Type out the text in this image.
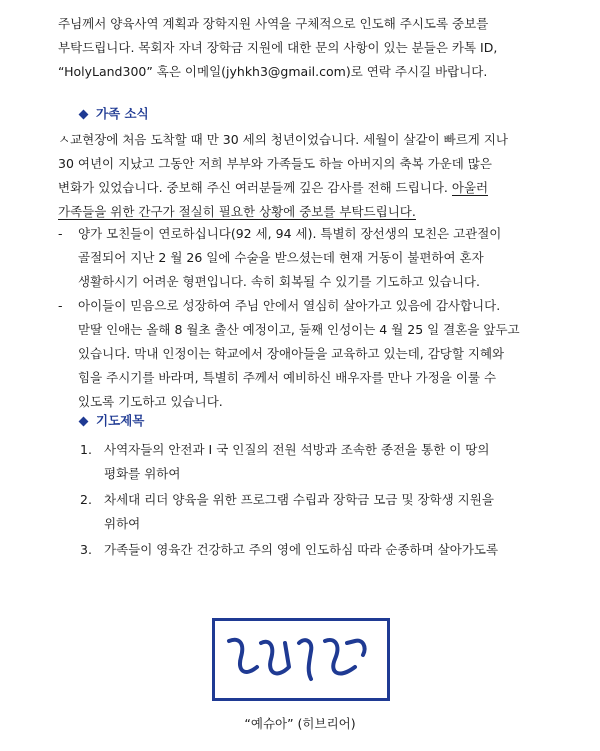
주님께서 양육사역 계획과 장학지원 사역을 구체적으로 인도해 주시도록 중보를
부탁드립니다. 목회자 자녀 장학금 지원에 대한 문의 사항이 있는 분들은 카톡 ID,
“HolyLand300” 혹은 이메일(jyhkh3@gmail.com)로 연락 주시길 바랍니다.
가족 소식
ㅅ교현장에 처음 도착할 때 만 30 세의 청년이었습니다. 세월이 살같이 빠르게 지나
30 여년이 지났고 그동안 저희 부부와 가족들도 하늘 아버지의 축복 가운데 많은
변화가 있었습니다. 중보해 주신 여러분들께 깊은 감사를 전해 드립니다. 아울러
가족들을 위한 간구가 절실히 필요한 상황에 중보를 부탁드립니다.
-	양가 모친들이 연로하십니다(92 세, 94 세). 특별히 장선생의 모친은 고관절이
골절되어 지난 2 월 26 일에 수술을 받으셨는데 현재 거동이 불편하여 혼자
생활하시기 어려운 형편입니다. 속히 회복될 수 있기를 기도하고 있습니다.
-	아이들이 믿음으로 성장하여 주님 안에서 열심히 살아가고 있음에 감사합니다.
맏딸 인애는 올해 8 월초 출산 예정이고, 둘째 인성이는 4 월 25 일 결혼을 앞두고
있습니다. 막내 인정이는 학교에서 장애아들을 교육하고 있는데, 감당할 지혜와
힘을 주시기를 바라며, 특별히 주께서 예비하신 배우자를 만나 가정을 이룰 수
있도록 기도하고 있습니다.
기도제목
1. 사역자들의 안전과 I 국 인질의 전원 석방과 조속한 종전을 통한 이 땅의
평화를 위하여
2. 차세대 리더 양육을 위한 프로그램 수립과 장학금 모금 및 장학생 지원을
위하여
3. 가족들이 영육간 건강하고 주의 영에 인도하심 따라 순종하며 살아가도록
“예슈아” (히브리어)
